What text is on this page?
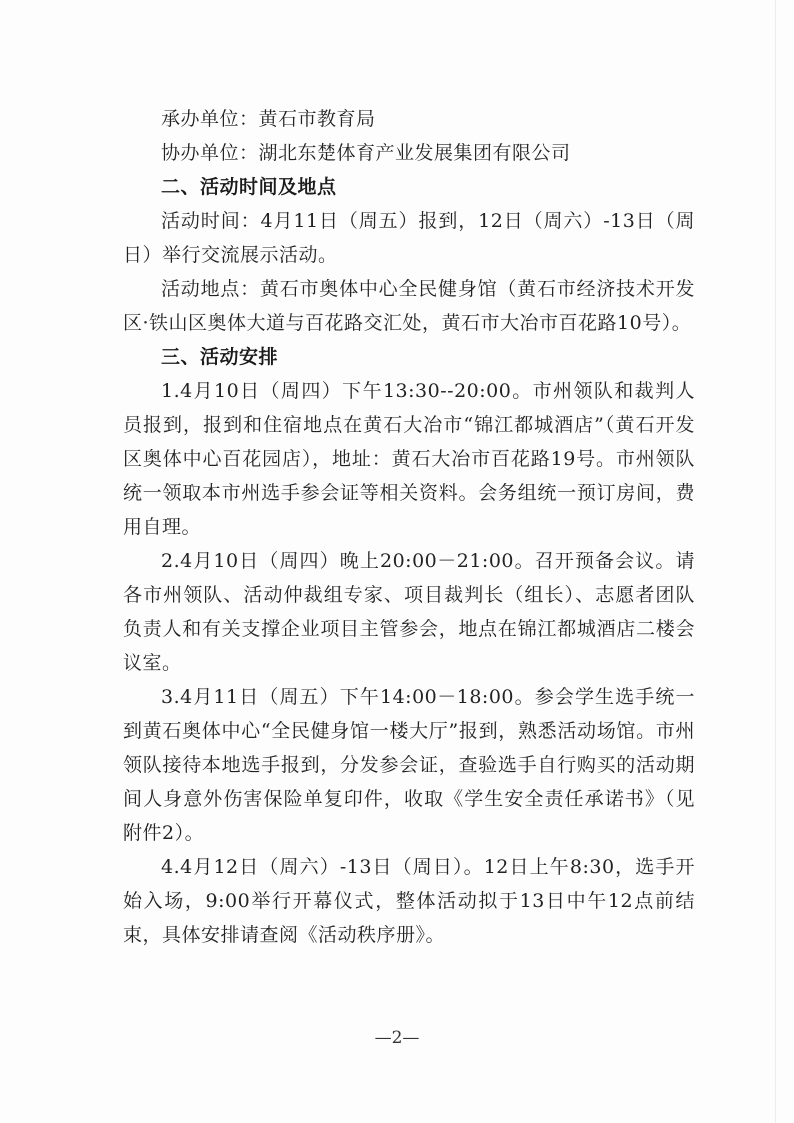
承办单位：黄石市教育局

协办单位：湖北东楚体育产业发展集团有限公司

二、活动时间及地点

活动时间：4月11日（周五）报到，12日（周六）-13日（周日）举行交流展示活动。

活动地点：黄石市奥体中心全民健身馆（黄石市经济技术开发区·铁山区奥体大道与百花路交汇处，黄石市大冶市百花路10号）。

三、活动安排

1.4月10日（周四）下午13:30--20:00。市州领队和裁判人员报到，报到和住宿地点在黄石大冶市“锦江都城酒店”（黄石开发区奥体中心百花园店），地址：黄石大冶市百花路19号。市州领队统一领取本市州选手参会证等相关资料。会务组统一预订房间，费用自理。

2.4月10日（周四）晚上20:00－21:00。召开预备会议。请各市州领队、活动仲裁组专家、项目裁判长（组长）、志愿者团队负责人和有关支撑企业项目主管参会，地点在锦江都城酒店二楼会议室。

3.4月11日（周五）下午14:00－18:00。参会学生选手统一到黄石奥体中心“全民健身馆一楼大厅”报到，熟悉活动场馆。市州领队接待本地选手报到，分发参会证，查验选手自行购买的活动期间人身意外伤害保险单复印件，收取《学生安全责任承诺书》（见附件2）。

4.4月12日（周六）-13日（周日）。12日上午8:30，选手开始入场，9:00举行开幕仪式，整体活动拟于13日中午12点前结束，具体安排请查阅《活动秩序册》。

—2—
